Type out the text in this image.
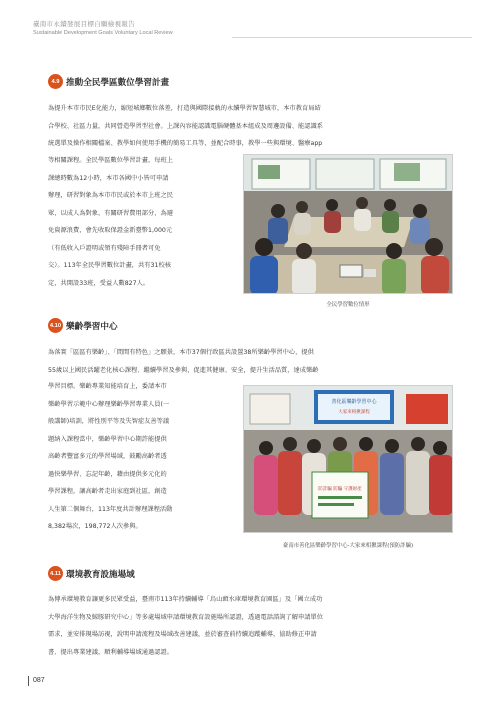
臺南市永續發展目標自願檢視報告
Sustainable Development Goals Voluntary Local Review
4.9 推動全民學區數位學習計畫
為提升本市市民E化能力，縮短城鄉數位落差，打造與國際接軌的永續學習智慧城市，本市教育局結
合學校、社區力量，共同營造學習型社會。上課內容能認識電腦硬體基本組成及周邊設備、能認識系
統選單及操作相關檔案、教學如何使用手機的簡易工具等，並配合時事，教學一些與環境、醫療app
等相關課程。全民學區數位學習計畫，每班上
課總時數為12小時，本市各國中小皆可申請
辦理，研習對象為本市市民或於本市上班之民
眾，以成人為對象，有關研習費用部分，為避
免資源浪費，會先收取保證金新臺幣1,000元
（有低收入戶證明或領有殘障手冊者可免
交）。113年全民學習數位計畫，共有31校核
定，共開設33班，受益人數827人。
全民學習數位情形
4.10 樂齡學習中心
為落實「區區有樂齡」、「間間有特色」之願景，本市37個行政區共設置38所樂齡學習中心，提供
55歲以上國民活躍老化核心課程、繼續學習及參與，促進其健康、安全，提升生活品質，達成樂齡
學習目標。樂齡專業知能培育上，委請本市
樂齡學習示範中心辦理樂齡學習專業人員(一
般講師)培訓，將性別平等及失智症友善等議
題納入課程當中，樂齡學習中心期許能提供
高齡者豐富多元的學習場域，鼓勵高齡者透
過快樂學習、忘記年齡，藉由提供多元化的
學習課程，讓高齡者走出家庭到社區，創造
人生第二個舞台，113年度共計辦理課程活動
8,382場次，198,772人次參與。
善化區樂齡學習中心
大家來相揪課程
防詐騙 防騙 守護財產
臺南市善化區樂齡學習中心-大家來相揪課程(預防詐騙)
4.11 環境教育設施場域
為傳承環境教育讓更多民眾受益，臺南市113年持續輔導「烏山頭水庫環境教育園區」及「國立成功
大學海洋生物及鯨豚研究中心」等多處場域申請環境教育設施場所認證，透過電話諮詢了解申請單位
需求，並安排現場訪視，說明申請流程及場域改善建議，並於審查前持續追蹤輔導，協助修正申請
書、提出專業建議，順利輔導場域通過認證。
087
